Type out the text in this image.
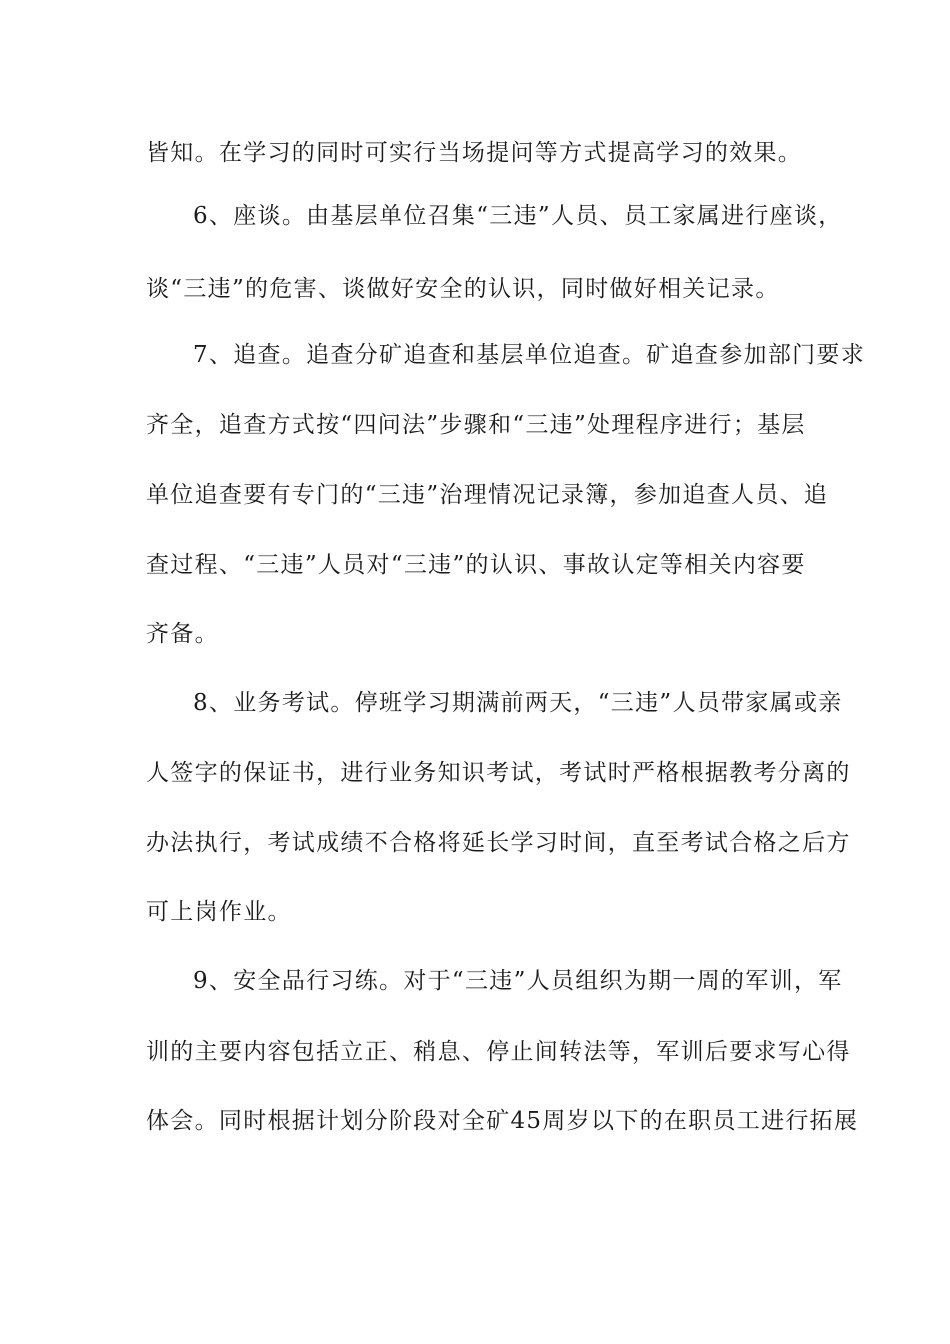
皆知。在学习的同时可实行当场提问等方式提高学习的效果。
6、座谈。由基层单位召集“三违”人员、员工家属进行座谈，
谈“三违”的危害、谈做好安全的认识，同时做好相关记录。
7、追查。追查分矿追查和基层单位追查。矿追查参加部门要求
齐全，追查方式按“四问法”步骤和“三违”处理程序进行；基层
单位追查要有专门的“三违”治理情况记录簿，参加追查人员、追
查过程、“三违”人员对“三违”的认识、事故认定等相关内容要
齐备。
8、业务考试。停班学习期满前两天，“三违”人员带家属或亲
人签字的保证书，进行业务知识考试，考试时严格根据教考分离的
办法执行，考试成绩不合格将延长学习时间，直至考试合格之后方
可上岗作业。
9、安全品行习练。对于“三违”人员组织为期一周的军训，军
训的主要内容包括立正、稍息、停止间转法等，军训后要求写心得
体会。同时根据计划分阶段对全矿45周岁以下的在职员工进行拓展
